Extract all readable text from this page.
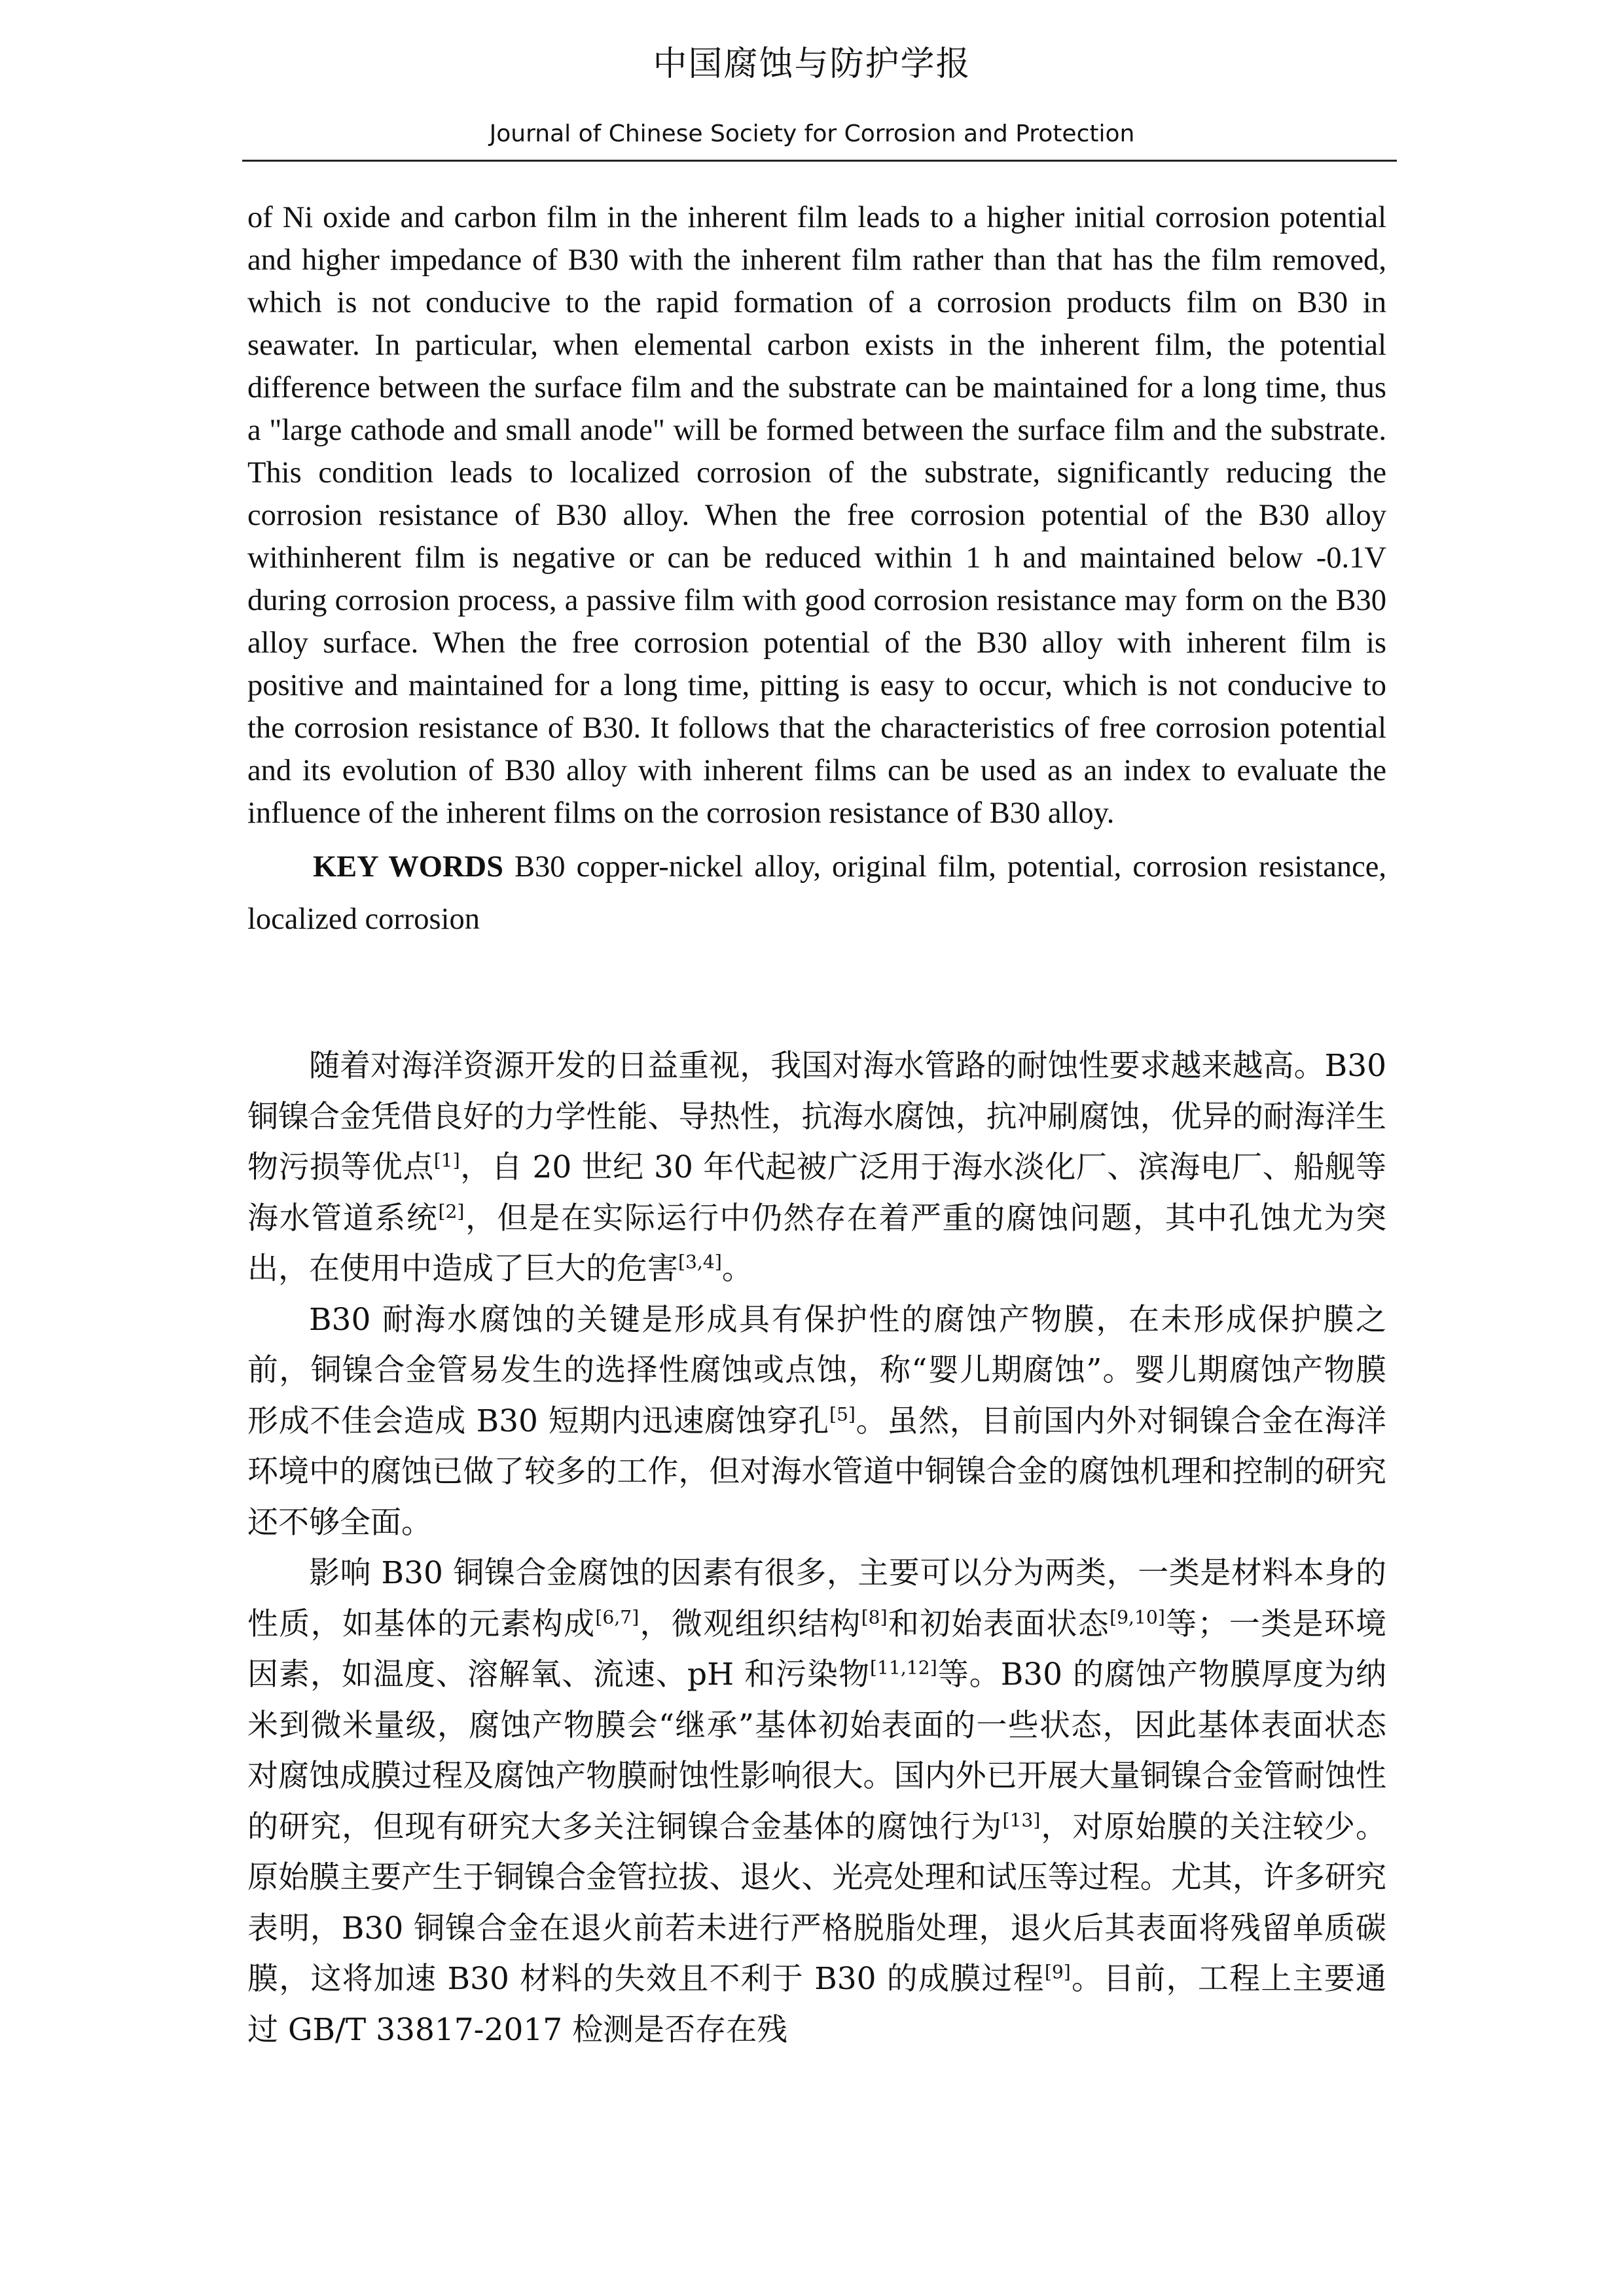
中国腐蚀与防护学报
Journal of Chinese Society for Corrosion and Protection

of Ni oxide and carbon film in the inherent film leads to a higher initial corrosion potential and higher impedance of B30 with the inherent film rather than that has the film removed, which is not conducive to the rapid formation of a corrosion products film on B30 in seawater. In particular, when elemental carbon exists in the inherent film, the potential difference between the surface film and the substrate can be maintained for a long time, thus a "large cathode and small anode" will be formed between the surface film and the substrate. This condition leads to localized corrosion of the substrate, significantly reducing the corrosion resistance of B30 alloy. When the free corrosion potential of the B30 alloy withinherent film is negative or can be reduced within 1 h and maintained below -0.1V during corrosion process, a passive film with good corrosion resistance may form on the B30 alloy surface. When the free corrosion potential of the B30 alloy with inherent film is positive and maintained for a long time, pitting is easy to occur, which is not conducive to the corrosion resistance of B30. It follows that the characteristics of free corrosion potential and its evolution of B30 alloy with inherent films can be used as an index to evaluate the influence of the inherent films on the corrosion resistance of B30 alloy.

KEY WORDS B30 copper-nickel alloy, original film, potential, corrosion resistance, localized corrosion

随着对海洋资源开发的日益重视，我国对海水管路的耐蚀性要求越来越高。B30 铜镍合金凭借良好的力学性能、导热性，抗海水腐蚀，抗冲刷腐蚀，优异的耐海洋生物污损等优点[1]，自 20 世纪 30 年代起被广泛用于海水淡化厂、滨海电厂、船舰等海水管道系统[2]，但是在实际运行中仍然存在着严重的腐蚀问题，其中孔蚀尤为突出，在使用中造成了巨大的危害[3,4]。

B30 耐海水腐蚀的关键是形成具有保护性的腐蚀产物膜，在未形成保护膜之前，铜镍合金管易发生的选择性腐蚀或点蚀，称“婴儿期腐蚀”。婴儿期腐蚀产物膜形成不佳会造成 B30 短期内迅速腐蚀穿孔[5]。虽然，目前国内外对铜镍合金在海洋环境中的腐蚀已做了较多的工作，但对海水管道中铜镍合金的腐蚀机理和控制的研究还不够全面。

影响 B30 铜镍合金腐蚀的因素有很多，主要可以分为两类，一类是材料本身的性质，如基体的元素构成[6,7]，微观组织结构[8]和初始表面状态[9,10]等；一类是环境因素，如温度、溶解氧、流速、pH 和污染物[11,12]等。B30 的腐蚀产物膜厚度为纳米到微米量级，腐蚀产物膜会“继承”基体初始表面的一些状态，因此基体表面状态对腐蚀成膜过程及腐蚀产物膜耐蚀性影响很大。国内外已开展大量铜镍合金管耐蚀性的研究，但现有研究大多关注铜镍合金基体的腐蚀行为[13]，对原始膜的关注较少。原始膜主要产生于铜镍合金管拉拔、退火、光亮处理和试压等过程。尤其，许多研究表明，B30 铜镍合金在退火前若未进行严格脱脂处理，退火后其表面将残留单质碳膜，这将加速 B30 材料的失效且不利于 B30 的成膜过程[9]。目前，工程上主要通过 GB/T 33817-2017 检测是否存在残
